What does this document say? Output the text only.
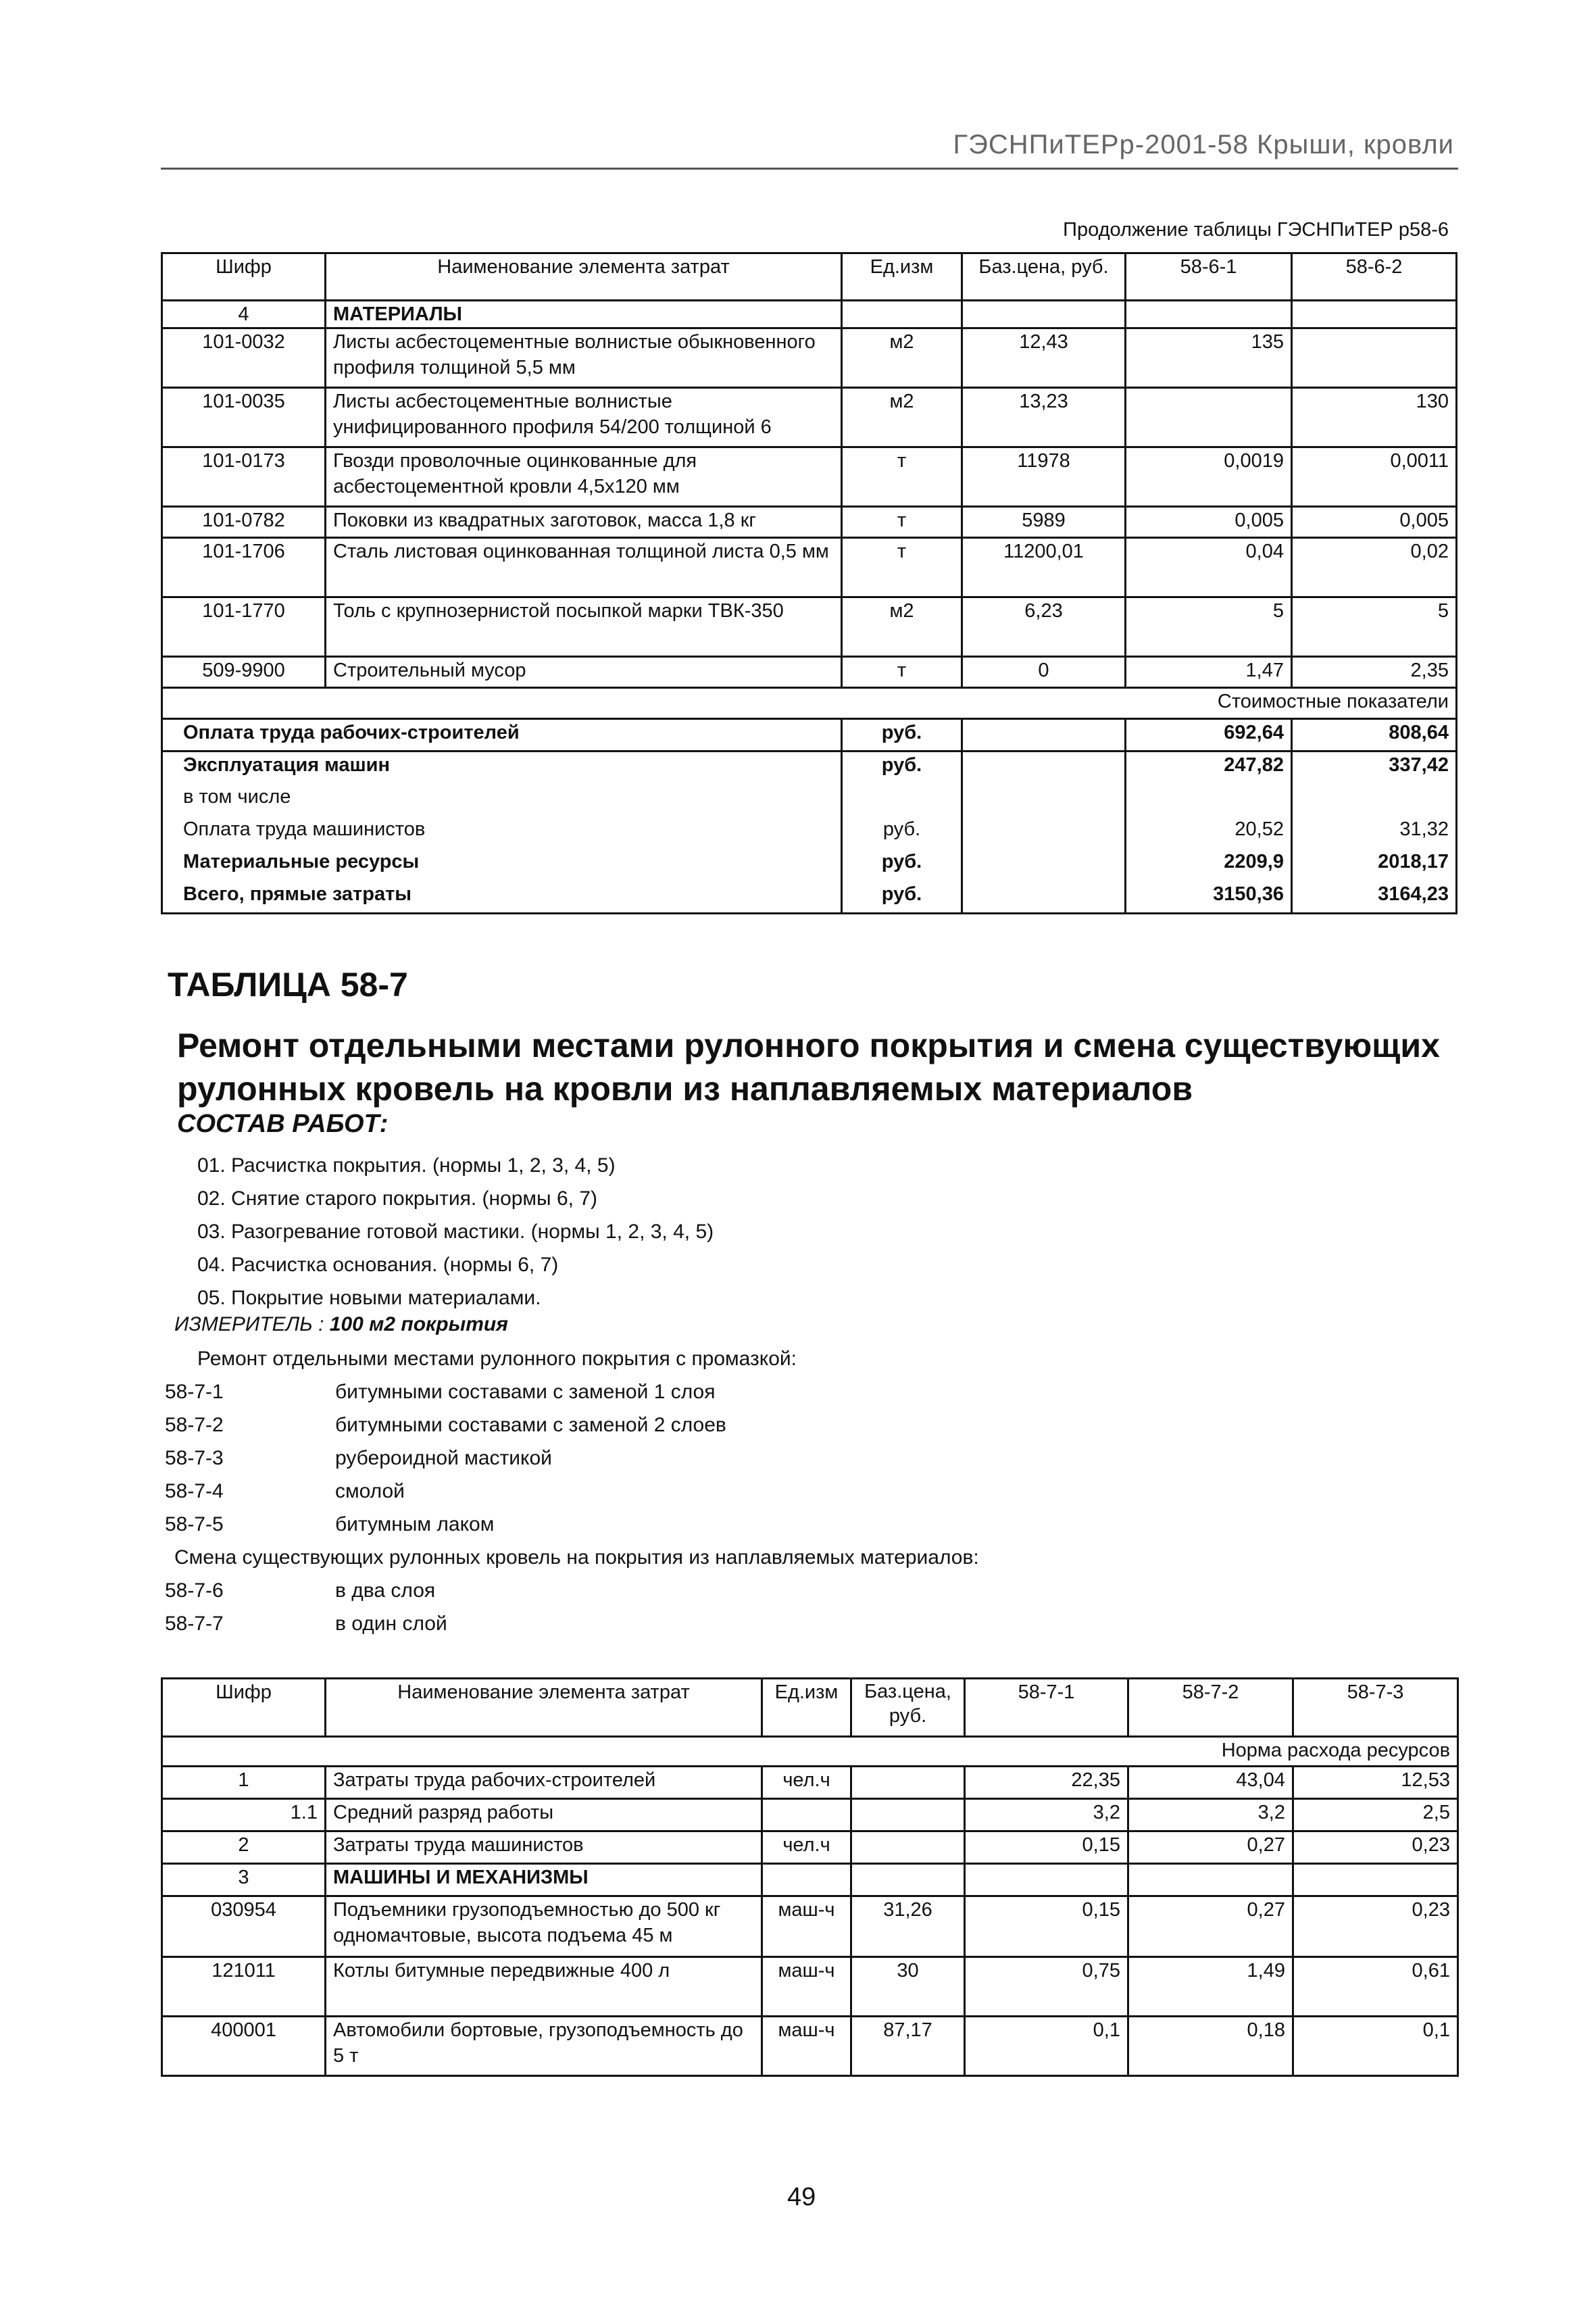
ГЭСНПиТЕРр-2001-58 Крыши, кровли
Продолжение таблицы ГЭСНПиТЕР р58-6
Шифр	Наименование элемента затрат	Ед.изм	Баз.цена, руб.	58-6-1	58-6-2
4	МАТЕРИАЛЫ				
101-0032	Листы асбестоцементные волнистые обыкновенного профиля толщиной 5,5 мм	м2	12,43	135	
101-0035	Листы асбестоцементные волнистые унифицированного профиля 54/200 толщиной 6	м2	13,23		130
101-0173	Гвозди проволочные оцинкованные для асбестоцементной кровли 4,5х120 мм	т	11978	0,0019	0,0011
101-0782	Поковки из квадратных заготовок, масса 1,8 кг	т	5989	0,005	0,005
101-1706	Сталь листовая оцинкованная толщиной листа 0,5 мм	т	11200,01	0,04	0,02
101-1770	Толь с крупнозернистой посыпкой марки ТВК-350	м2	6,23	5	5
509-9900	Строительный мусор	т	0	1,47	2,35
Стоимостные показатели					
Оплата труда рабочих-строителей		руб.		692,64	808,64
Эксплуатация машин		руб.		247,82	337,42
в том числе					
Оплата труда машинистов		руб.		20,52	31,32
Материальные ресурсы		руб.		2209,9	2018,17
Всего, прямые затраты		руб.		3150,36	3164,23
ТАБЛИЦА 58-7
Ремонт отдельными местами рулонного покрытия и смена существующих рулонных кровель на кровли из наплавляемых материалов
СОСТАВ РАБОТ:
01. Расчистка покрытия. (нормы 1, 2, 3, 4, 5)
02. Снятие старого покрытия. (нормы 6, 7)
03. Разогревание готовой мастики. (нормы 1, 2, 3, 4, 5)
04. Расчистка основания. (нормы 6, 7)
05. Покрытие новыми материалами.
ИЗМЕРИТЕЛЬ : 100 м2 покрытия
Ремонт отдельными местами рулонного покрытия с промазкой:
58-7-1	битумными составами с заменой 1 слоя
58-7-2	битумными составами с заменой 2 слоев
58-7-3	рубероидной мастикой
58-7-4	смолой
58-7-5	битумным лаком
Смена существующих рулонных кровель на покрытия из наплавляемых материалов:
58-7-6	в два слоя
58-7-7	в один слой
Шифр	Наименование элемента затрат	Ед.изм	Баз.цена, руб.	58-7-1	58-7-2	58-7-3
Норма расхода ресурсов						
1	Затраты труда рабочих-строителей	чел.ч		22,35	43,04	12,53
1.1	Средний разряд работы			3,2	3,2	2,5
2	Затраты труда машинистов	чел.ч		0,15	0,27	0,23
3	МАШИНЫ И МЕХАНИЗМЫ					
030954	Подъемники грузоподъемностью до 500 кг одномачтовые, высота подъема 45 м	маш-ч	31,26	0,15	0,27	0,23
121011	Котлы битумные передвижные 400 л	маш-ч	30	0,75	1,49	0,61
400001	Автомобили бортовые, грузоподъемность до 5 т	маш-ч	87,17	0,1	0,18	0,1
49
